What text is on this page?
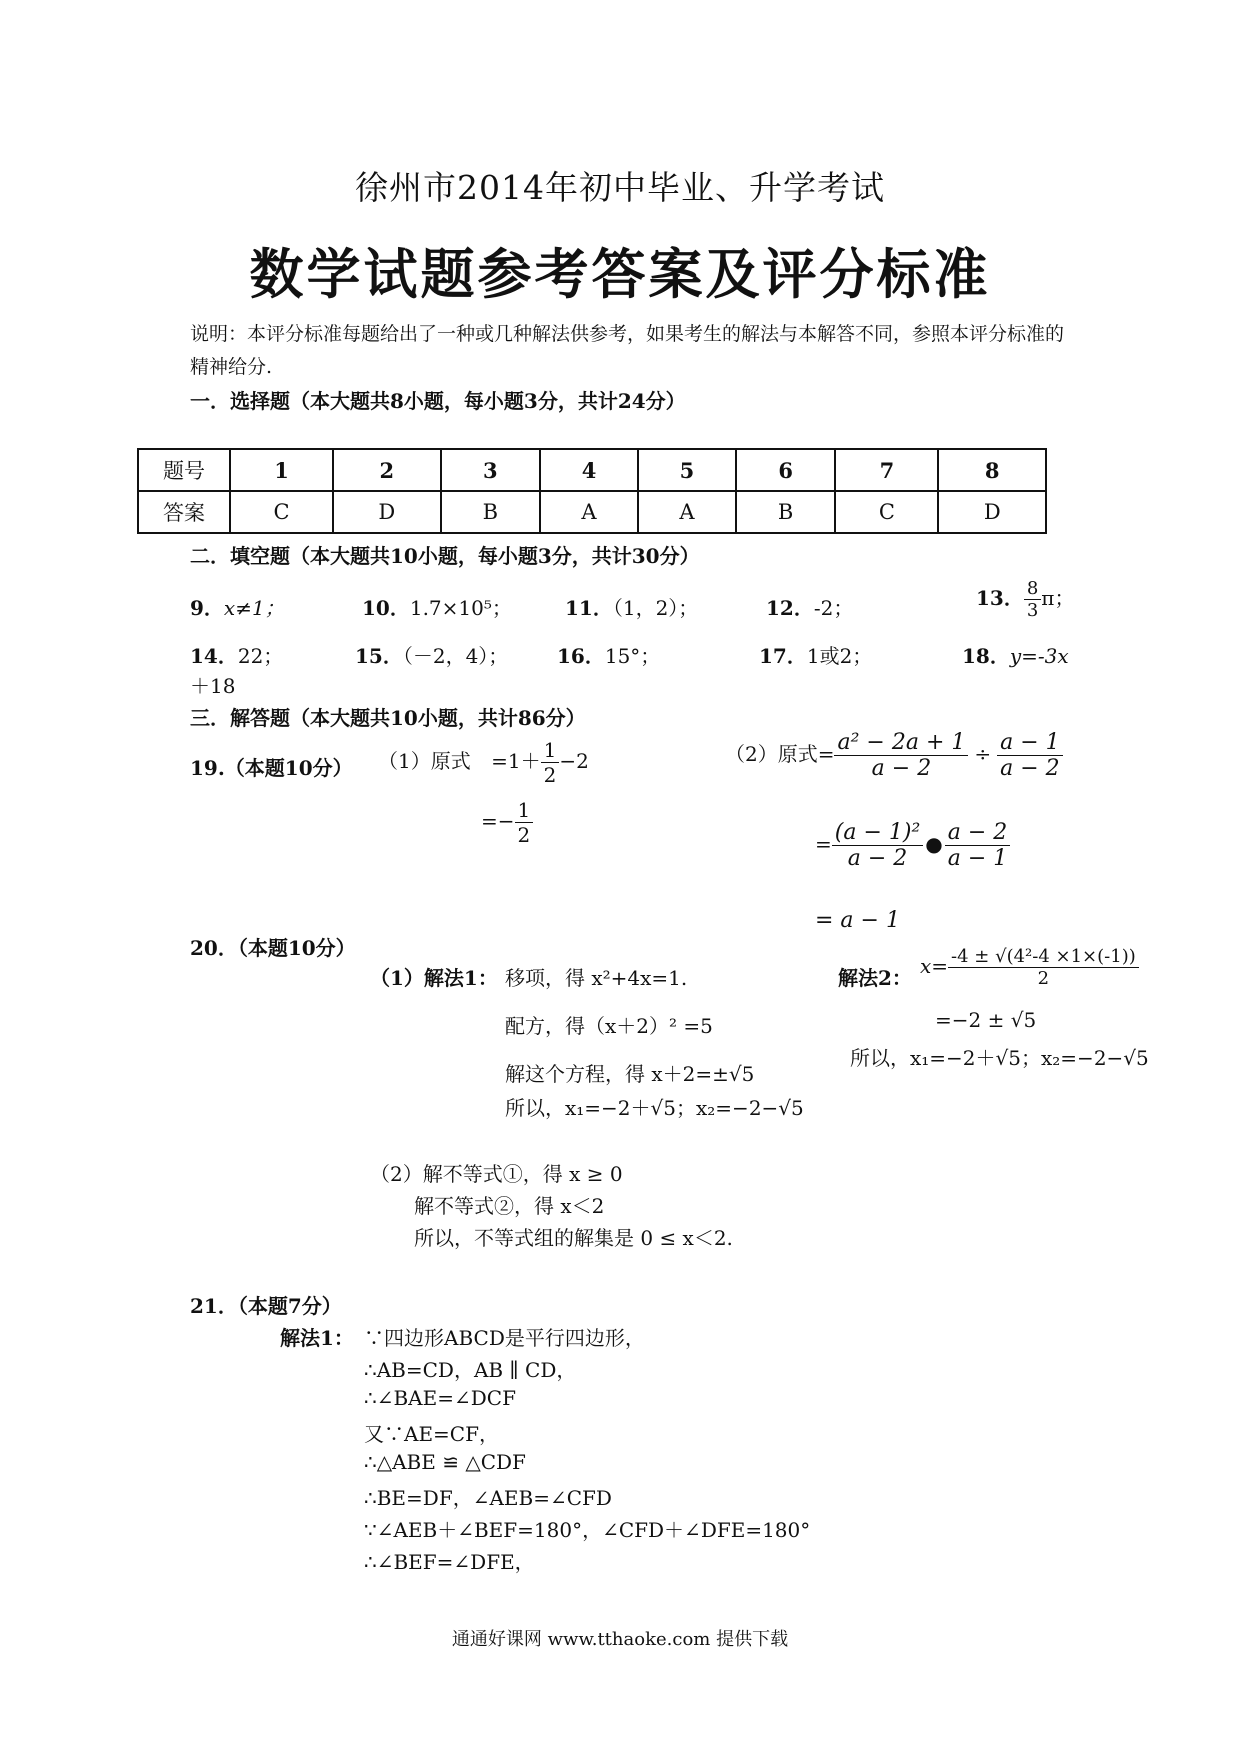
徐州市2014年初中毕业、升学考试
数学试题参考答案及评分标准
说明：本评分标准每题给出了一种或几种解法供参考，如果考生的解法与本解答不同，参照本评分标准的精神给分.
一．选择题（本大题共8小题，每小题3分，共计24分）
题号	1	2	3	4	5	6	7	8
答案	C	D	B	A	A	B	C	D
二．填空题（本大题共10小题，每小题3分，共计30分）
9．x≠1；	10．1.7×10⁵；	11．（1，2）；	12．-2；	13． $\frac{8}{3}$ π；
14．22；	15．（－2，4）； 16．15°；	17．1或2；	18．y=-3x
＋18
三．解答题（本大题共10小题，共计86分）
19.（本题10分） （1）原式 $=1+ \frac{1}{2} -2$
=− $\frac{1}{2}$
（2）原式= $\frac{\text{a² − 2a + 1}}{a - 2} \div \frac{a - 1}{a - 2}$
= $\frac{\text{(a − 1)²}}{a - 2}$ ● $\frac{a - 2}{a - 1}$
= a − 1
20．（本题10分）
（1）解法1： 移项，得 x²+4x=1.
配方，得（x＋2）² =5
解这个方程，得 x＋2=±√5
所以，x₁=−2＋√5；x₂=−2−√5
解法2： $x= \frac{\text{-4 ± √(4²-4 ×1×(-1))}}{2}$
=−2 ± √5
所以，x₁=−2＋√5；x₂=−2−√5
（2）解不等式①，得 x ≥ 0
解不等式②，得 x＜2
所以，不等式组的解集是 0 ≤ x＜2.
21．（本题7分）
解法1： ∵四边形ABCD是平行四边形，
∴AB=CD，AB ∥ CD，
∴∠BAE=∠DCF
又∵AE=CF，
∴△ABE ≌ △CDF
∴BE=DF，∠AEB=∠CFD
∵∠AEB＋∠BEF=180°，∠CFD＋∠DFE=180°
∴∠BEF=∠DFE，
通通好课网 www.tthaoke.com 提供下载
